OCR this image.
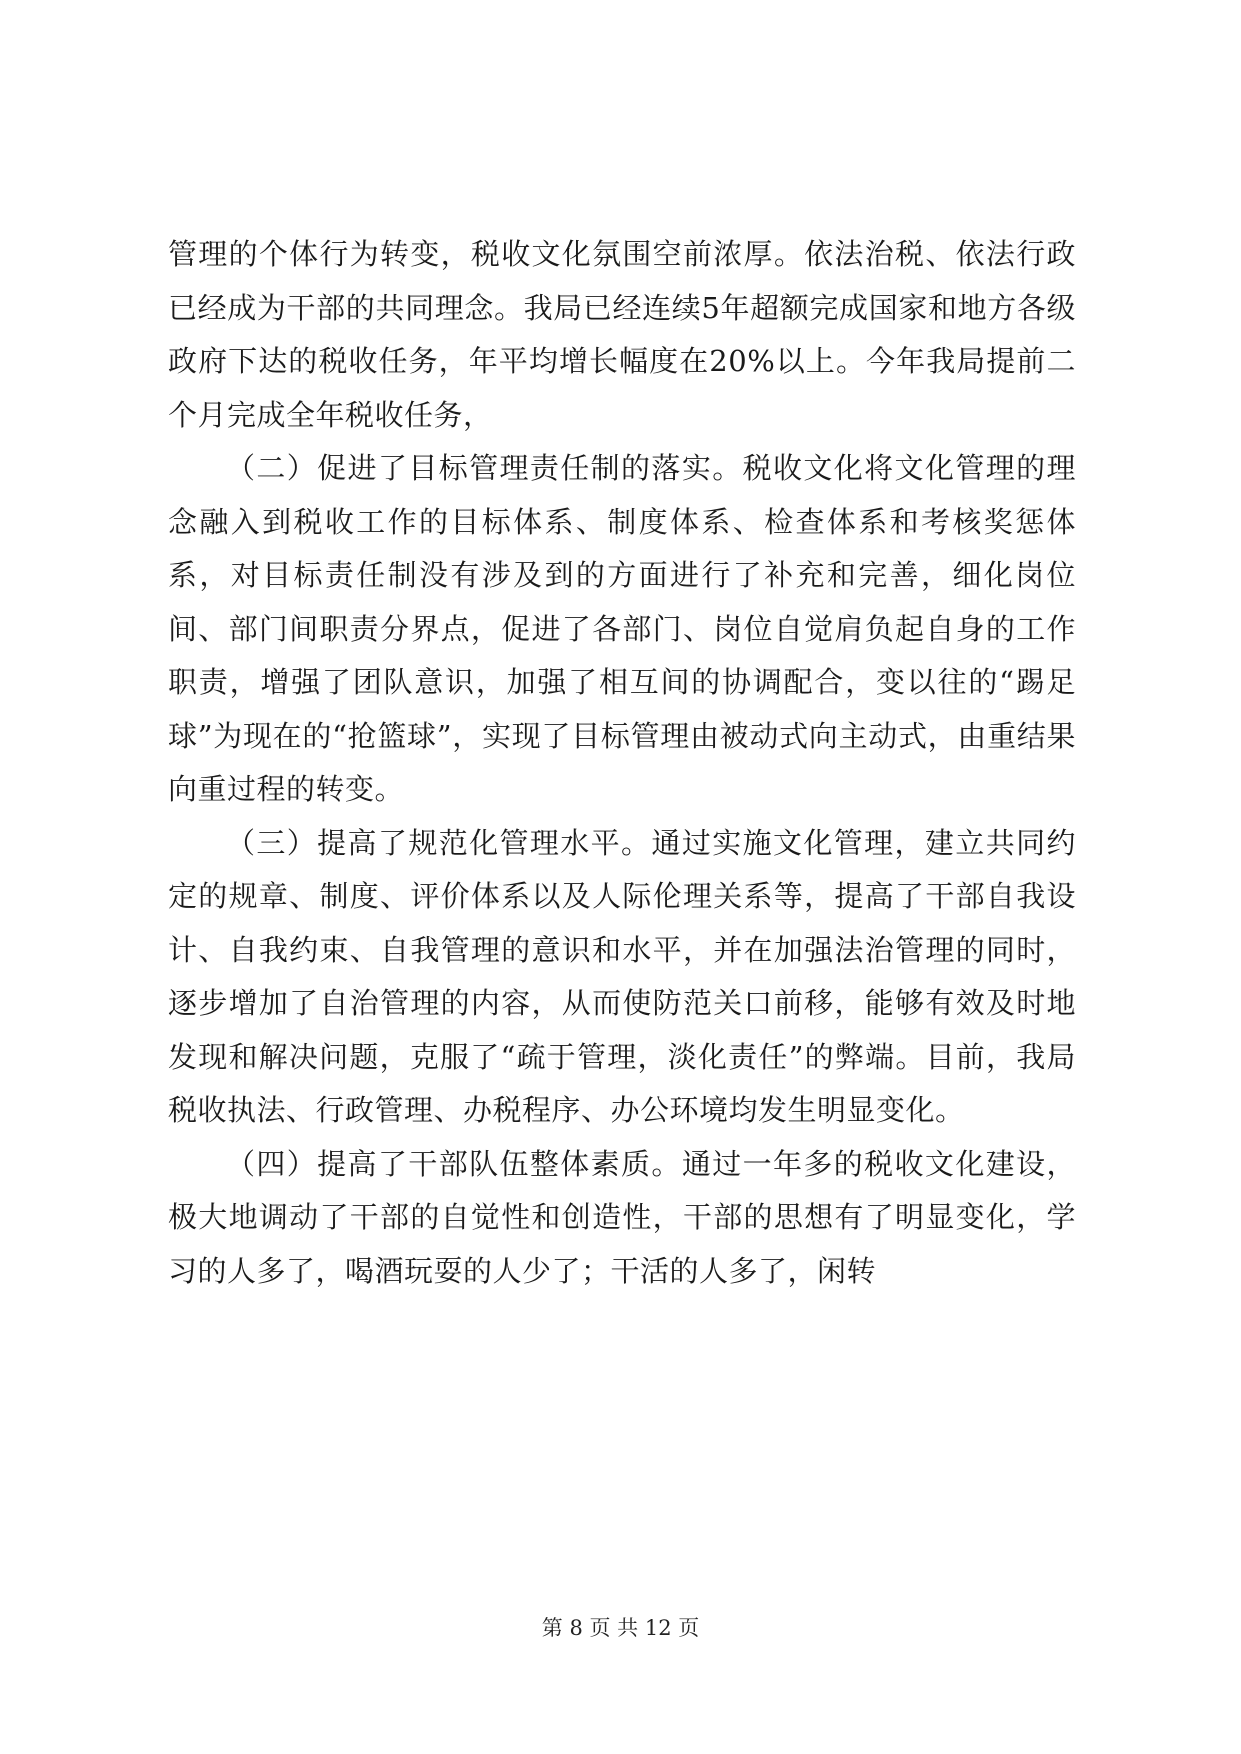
管理的个体行为转变，税收文化氛围空前浓厚。依法治税、依法行政已经成为干部的共同理念。我局已经连续5年超额完成国家和地方各级政府下达的税收任务，年平均增长幅度在20%以上。今年我局提前二个月完成全年税收任务，

（二）促进了目标管理责任制的落实。税收文化将文化管理的理念融入到税收工作的目标体系、制度体系、检查体系和考核奖惩体系，对目标责任制没有涉及到的方面进行了补充和完善，细化岗位间、部门间职责分界点，促进了各部门、岗位自觉肩负起自身的工作职责，增强了团队意识，加强了相互间的协调配合，变以往的“踢足球”为现在的“抢篮球”，实现了目标管理由被动式向主动式，由重结果向重过程的转变。

（三）提高了规范化管理水平。通过实施文化管理，建立共同约定的规章、制度、评价体系以及人际伦理关系等，提高了干部自我设计、自我约束、自我管理的意识和水平，并在加强法治管理的同时，逐步增加了自治管理的内容，从而使防范关口前移，能够有效及时地发现和解决问题，克服了“疏于管理，淡化责任”的弊端。目前，我局税收执法、行政管理、办税程序、办公环境均发生明显变化。

（四）提高了干部队伍整体素质。通过一年多的税收文化建设，极大地调动了干部的自觉性和创造性，干部的思想有了明显变化，学习的人多了，喝酒玩耍的人少了；干活的人多了，闲转

第 8 页 共 12 页
